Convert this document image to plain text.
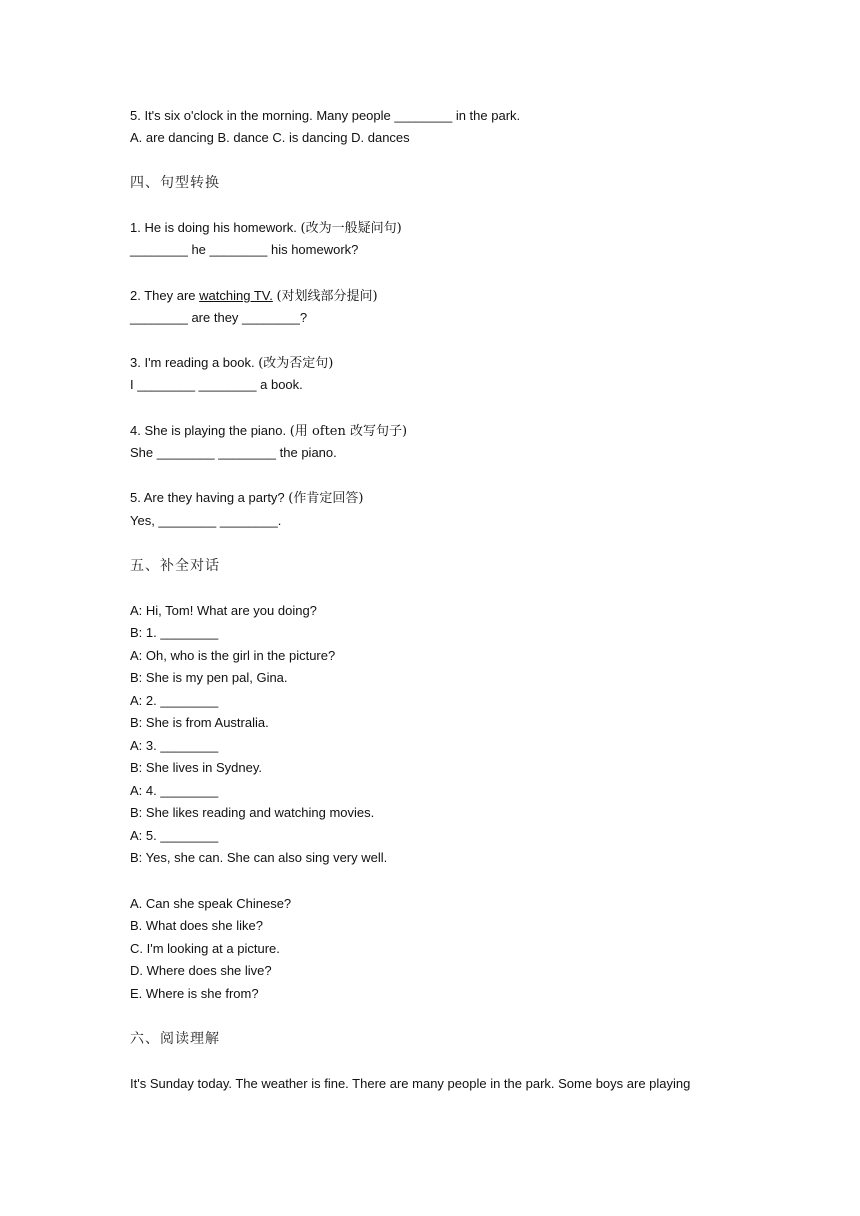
5. It's six o'clock in the morning. Many people ________ in the park.
A. are dancing B. dance C. is dancing D. dances
四、句型转换
1. He is doing his homework. (改为一般疑问句)
________ he ________ his homework?
2. They are watching TV. (对划线部分提问)
________ are they ________?
3. I'm reading a book. (改为否定句)
I ________ ________ a book.
4. She is playing the piano. (用 often 改写句子)
She ________ ________ the piano.
5. Are they having a party? (作肯定回答)
Yes, ________ ________.
五、补全对话
A: Hi, Tom! What are you doing?
B: 1. ________
A: Oh, who is the girl in the picture?
B: She is my pen pal, Gina.
A: 2. ________
B: She is from Australia.
A: 3. ________
B: She lives in Sydney.
A: 4. ________
B: She likes reading and watching movies.
A: 5. ________
B: Yes, she can. She can also sing very well.
A. Can she speak Chinese?
B. What does she like?
C. I'm looking at a picture.
D. Where does she live?
E. Where is she from?
六、阅读理解
It's Sunday today. The weather is fine. There are many people in the park. Some boys are playing
